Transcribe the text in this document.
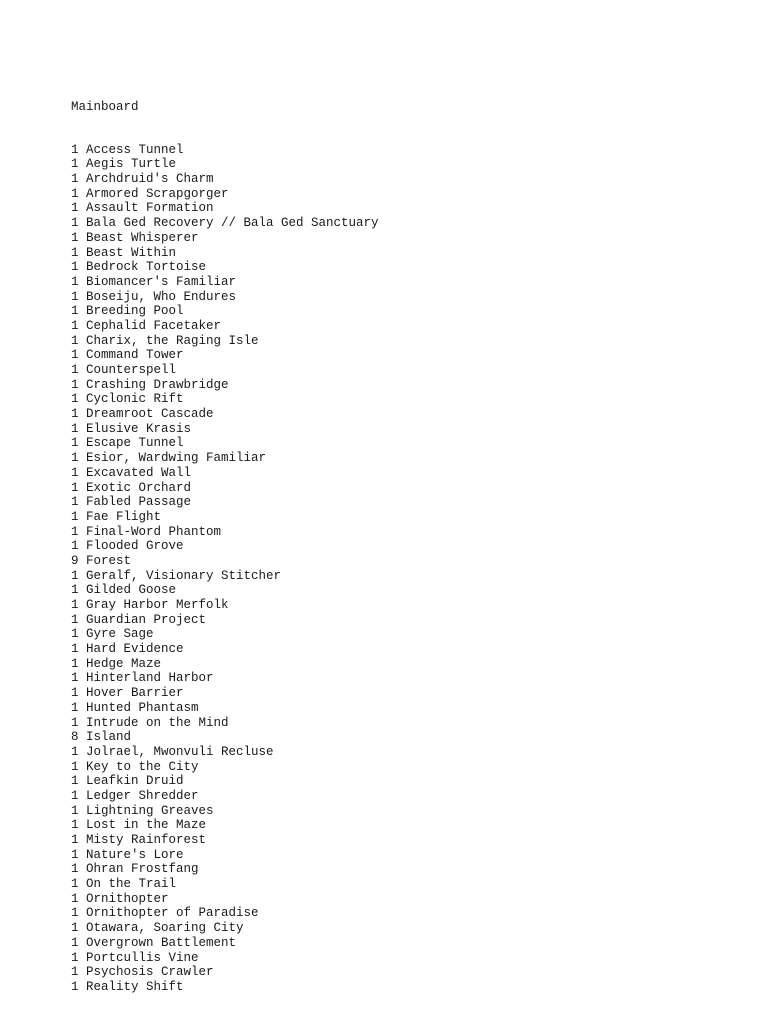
Mainboard

1 Access Tunnel
1 Aegis Turtle
1 Archdruid's Charm
1 Armored Scrapgorger
1 Assault Formation
1 Bala Ged Recovery // Bala Ged Sanctuary
1 Beast Whisperer
1 Beast Within
1 Bedrock Tortoise
1 Biomancer's Familiar
1 Boseiju, Who Endures
1 Breeding Pool
1 Cephalid Facetaker
1 Charix, the Raging Isle
1 Command Tower
1 Counterspell
1 Crashing Drawbridge
1 Cyclonic Rift
1 Dreamroot Cascade
1 Elusive Krasis
1 Escape Tunnel
1 Esior, Wardwing Familiar
1 Excavated Wall
1 Exotic Orchard
1 Fabled Passage
1 Fae Flight
1 Final-Word Phantom
1 Flooded Grove
9 Forest
1 Geralf, Visionary Stitcher
1 Gilded Goose
1 Gray Harbor Merfolk
1 Guardian Project
1 Gyre Sage
1 Hard Evidence
1 Hedge Maze
1 Hinterland Harbor
1 Hover Barrier
1 Hunted Phantasm
1 Intrude on the Mind
8 Island
1 Jolrael, Mwonvuli Recluse
1 Key to the City
1 Leafkin Druid
1 Ledger Shredder
1 Lightning Greaves
1 Lost in the Maze
1 Misty Rainforest
1 Nature's Lore
1 Ohran Frostfang
1 On the Trail
1 Ornithopter
1 Ornithopter of Paradise
1 Otawara, Soaring City
1 Overgrown Battlement
1 Portcullis Vine
1 Psychosis Crawler
1 Reality Shift
